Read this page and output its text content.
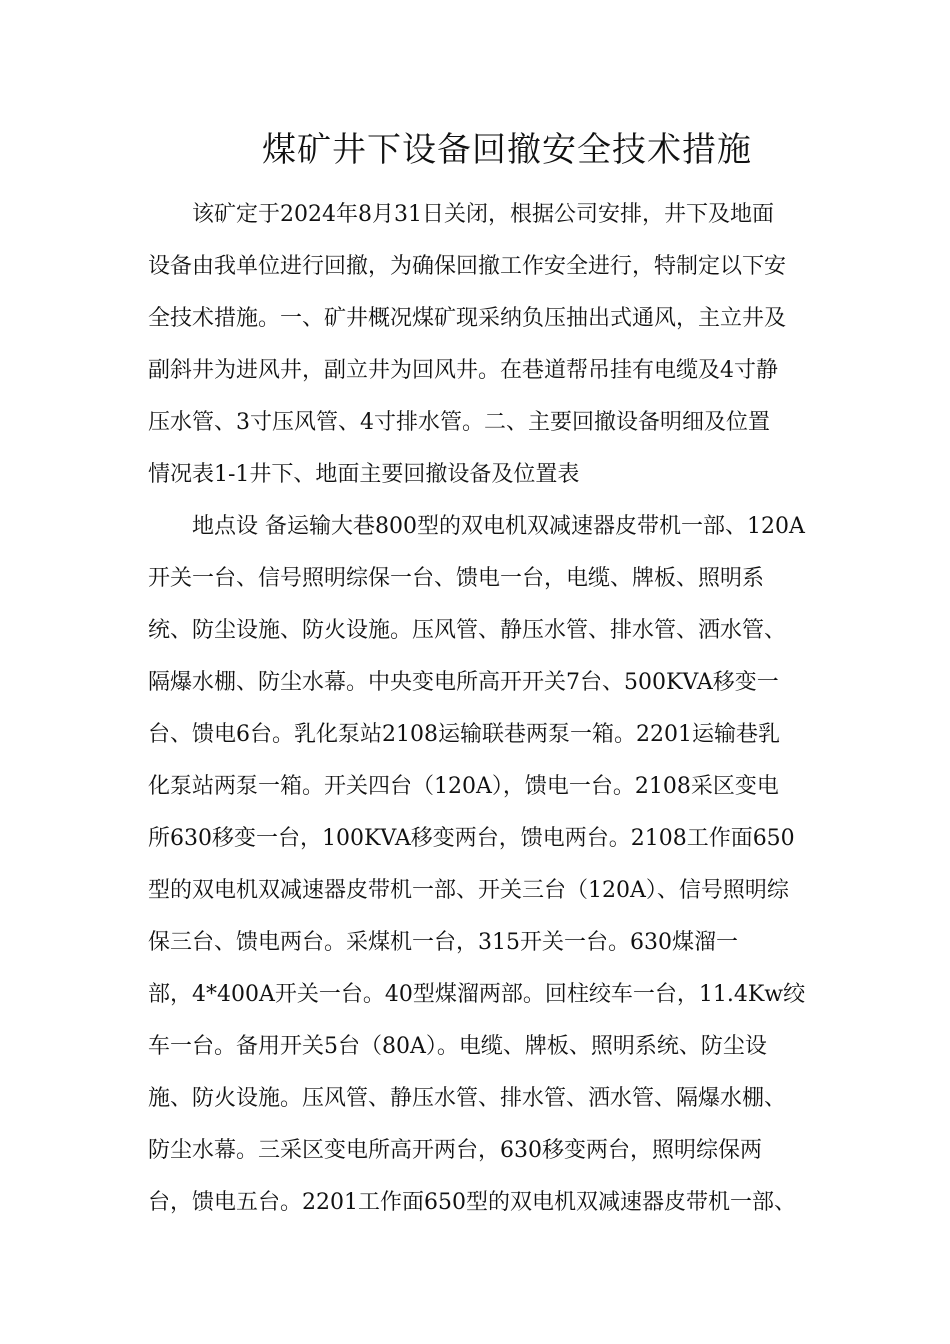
煤矿井下设备回撤安全技术措施
该矿定于2024年8月31日关闭，根据公司安排，井下及地面
设备由我单位进行回撤，为确保回撤工作安全进行，特制定以下安
全技术措施。一、矿井概况煤矿现采纳负压抽出式通风，主立井及
副斜井为进风井，副立井为回风井。在巷道帮吊挂有电缆及4寸静
压水管、3寸压风管、4寸排水管。二、主要回撤设备明细及位置
情况表1-1井下、地面主要回撤设备及位置表
地点设 备运输大巷800型的双电机双减速器皮带机一部、120A
开关一台、信号照明综保一台、馈电一台，电缆、牌板、照明系
统、防尘设施、防火设施。压风管、静压水管、排水管、洒水管、
隔爆水棚、防尘水幕。中央变电所高开开关7台、500KVA移变一
台、馈电6台。乳化泵站2108运输联巷两泵一箱。2201运输巷乳
化泵站两泵一箱。开关四台（120A），馈电一台。2108采区变电
所630移变一台，100KVA移变两台，馈电两台。2108工作面650
型的双电机双减速器皮带机一部、开关三台（120A）、信号照明综
保三台、馈电两台。采煤机一台，315开关一台。630煤溜一
部，4*400A开关一台。40型煤溜两部。回柱绞车一台，11.4Kw绞
车一台。备用开关5台（80A）。电缆、牌板、照明系统、防尘设
施、防火设施。压风管、静压水管、排水管、洒水管、隔爆水棚、
防尘水幕。三采区变电所高开两台，630移变两台，照明综保两
台，馈电五台。2201工作面650型的双电机双减速器皮带机一部、
